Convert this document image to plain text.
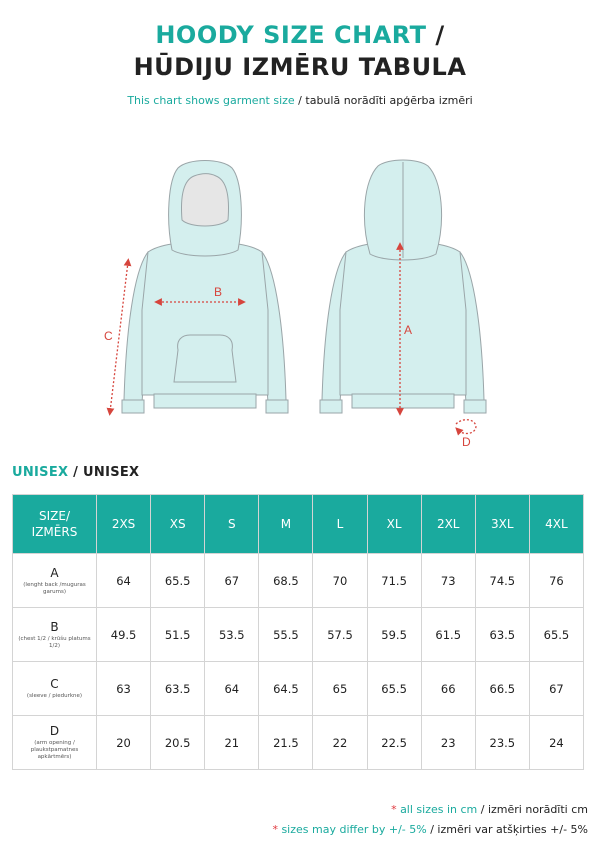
HOODY SIZE CHART /
HŪDIJU IZMĒRU TABULA
This chart shows garment size / tabulā norādīti apģērba izmēri
B
C	A
D
UNISEX / UNISEX
SIZE/
IZMĒRS	2XS	XS	S	M	L	XL	2XL	3XL	4XL

A
(lenght back /muguras garums)	64	65.5	67	68.5	70	71.5	73	74.5	76

B
(chest 1/2 / krūšu platums 1/2)	49.5	51.5	53.5	55.5	57.5	59.5	61.5	63.5	65.5

C
(sleeve / piedurkne)	63	63.5	64	64.5	65	65.5	66	66.5	67

D
(arm opening / plaukstpamatnes apkārtmērs)	20	20.5	21	21.5	22	22.5	23	23.5	24
* all sizes in cm / izmēri norādīti cm
* sizes may differ by +/- 5% / izmēri var atšķirties +/- 5%
